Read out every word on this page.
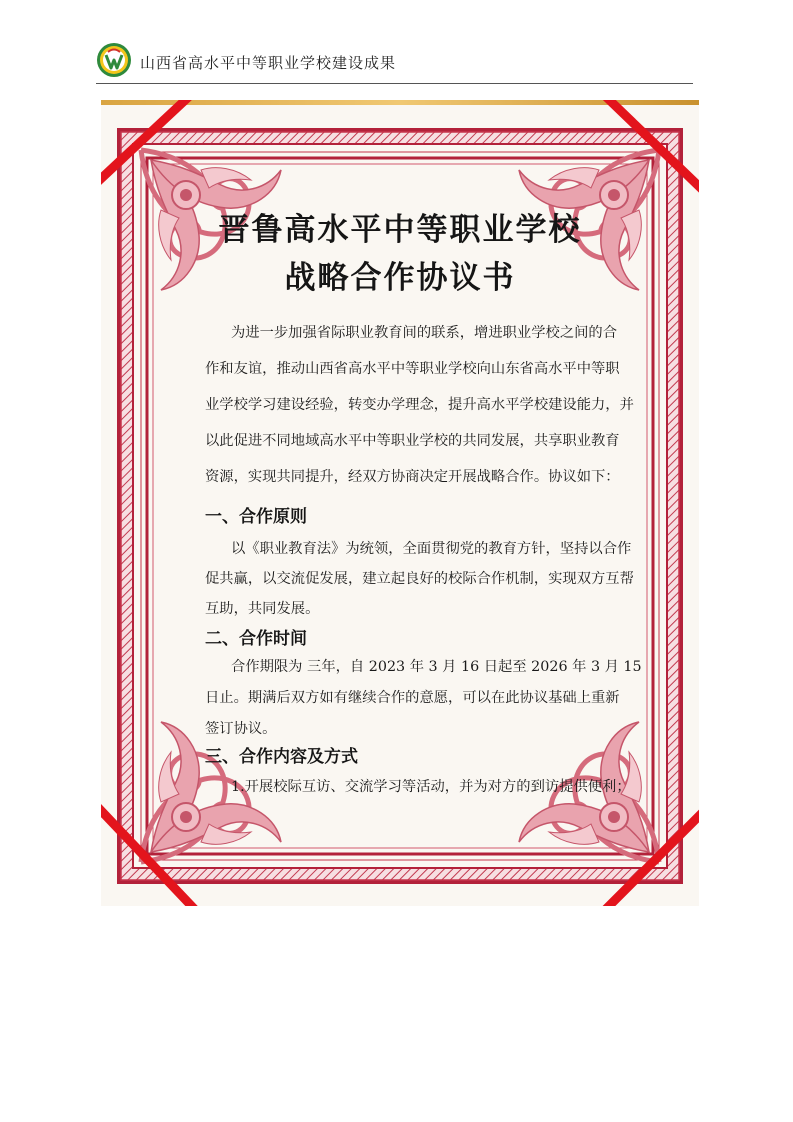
山西省高水平中等职业学校建设成果
晋鲁高水平中等职业学校
战略合作协议书
为进一步加强省际职业教育间的联系，增进职业学校之间的合
作和友谊，推动山西省高水平中等职业学校向山东省高水平中等职
业学校学习建设经验，转变办学理念，提升高水平学校建设能力，并
以此促进不同地域高水平中等职业学校的共同发展，共享职业教育
资源，实现共同提升，经双方协商决定开展战略合作。协议如下：
一、合作原则
以《职业教育法》为统领，全面贯彻党的教育方针，坚持以合作
促共赢，以交流促发展，建立起良好的校际合作机制，实现双方互帮
互助，共同发展。
二、合作时间
合作期限为 三年，自 2023 年 3 月 16 日起至 2026 年 3 月 15
日止。期满后双方如有继续合作的意愿，可以在此协议基础上重新
签订协议。
三、合作内容及方式
1.开展校际互访、交流学习等活动，并为对方的到访提供便利；
